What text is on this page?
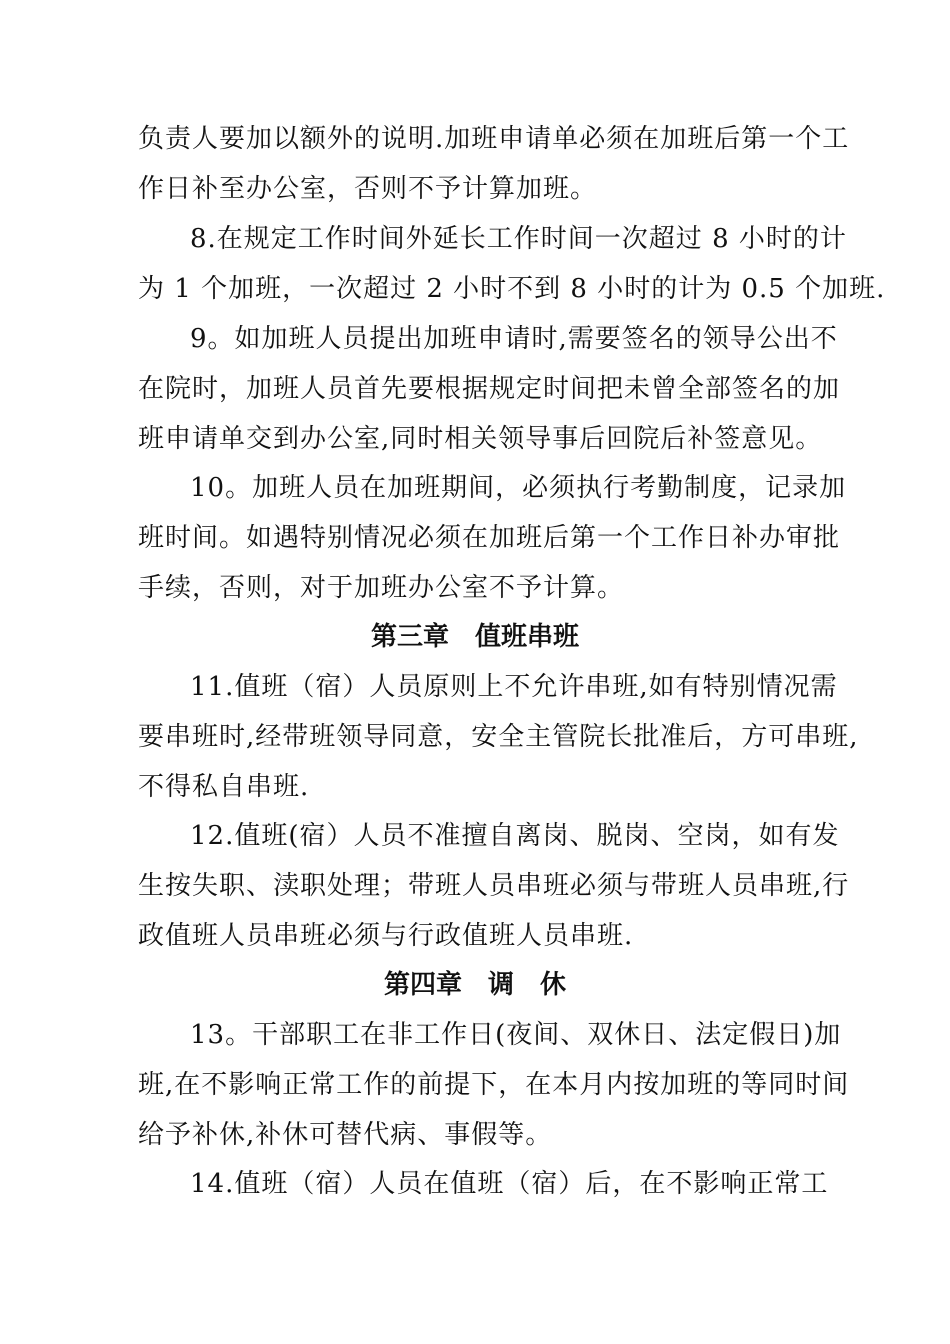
负责人要加以额外的说明.加班申请单必须在加班后第一个工
作日补至办公室，否则不予计算加班。
8.在规定工作时间外延长工作时间一次超过 8 小时的计
为 1 个加班，一次超过 2 小时不到 8 小时的计为 0.5 个加班.
9。如加班人员提出加班申请时,需要签名的领导公出不
在院时，加班人员首先要根据规定时间把未曾全部签名的加
班申请单交到办公室,同时相关领导事后回院后补签意见。
10。加班人员在加班期间，必须执行考勤制度，记录加
班时间。如遇特别情况必须在加班后第一个工作日补办审批
手续，否则，对于加班办公室不予计算。
第三章　值班串班
11.值班（宿）人员原则上不允许串班,如有特别情况需
要串班时,经带班领导同意，安全主管院长批准后，方可串班,
不得私自串班.
12.值班(宿）人员不准擅自离岗、脱岗、空岗，如有发
生按失职、渎职处理；带班人员串班必须与带班人员串班,行
政值班人员串班必须与行政值班人员串班.
第四章　调　休
13。干部职工在非工作日(夜间、双休日、法定假日)加
班,在不影响正常工作的前提下，在本月内按加班的等同时间
给予补休,补休可替代病、事假等。
14.值班（宿）人员在值班（宿）后，在不影响正常工
